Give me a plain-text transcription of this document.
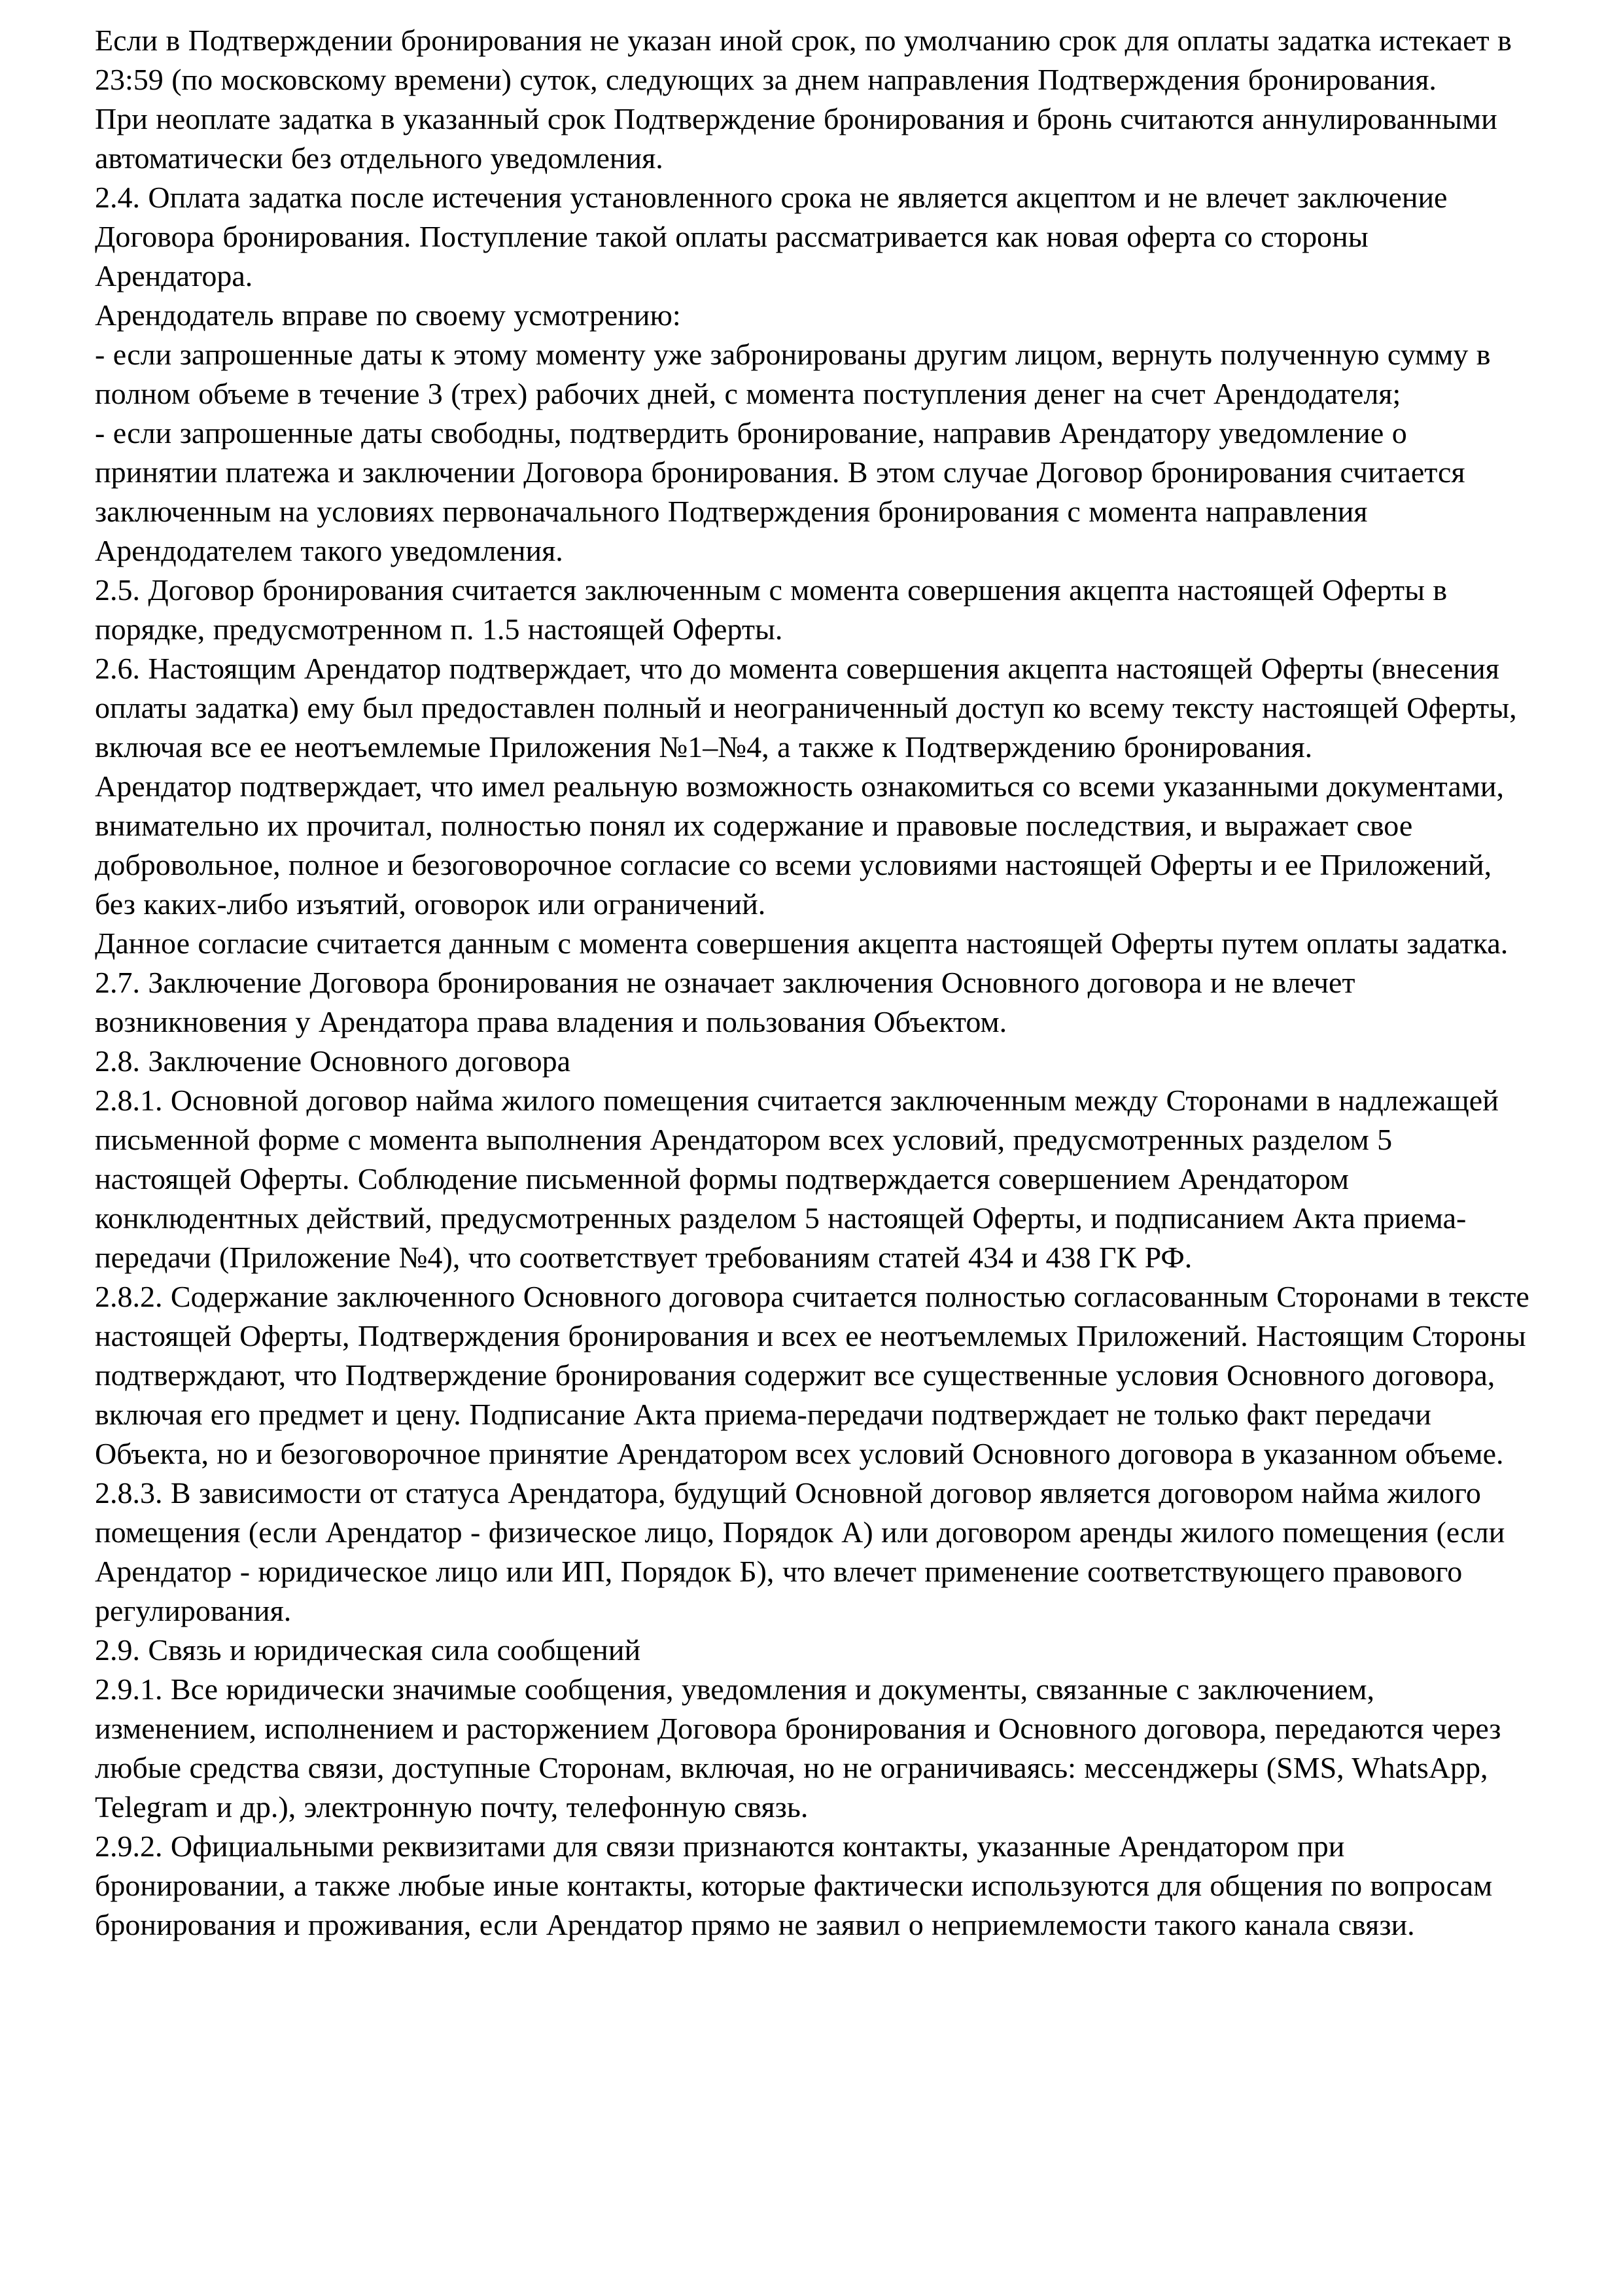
Если в Подтверждении бронирования не указан иной срок, по умолчанию срок для оплаты задатка истекает в 23:59 (по московскому времени) суток, следующих за днем направления Подтверждения бронирования.

При неоплате задатка в указанный срок Подтверждение бронирования и бронь считаются аннулированными автоматически без отдельного уведомления.

2.4. Оплата задатка после истечения установленного срока не является акцептом и не влечет заключение Договора бронирования. Поступление такой оплаты рассматривается как новая оферта со стороны Арендатора.

Арендодатель вправе по своему усмотрению:

- если запрошенные даты к этому моменту уже забронированы другим лицом, вернуть полученную сумму в полном объеме в течение 3 (трех) рабочих дней, с момента поступления денег на счет Арендодателя;

- если запрошенные даты свободны, подтвердить бронирование, направив Арендатору уведомление о принятии платежа и заключении Договора бронирования. В этом случае Договор бронирования считается заключенным на условиях первоначального Подтверждения бронирования с момента направления Арендодателем такого уведомления.

2.5. Договор бронирования считается заключенным с момента совершения акцепта настоящей Оферты в порядке, предусмотренном п. 1.5 настоящей Оферты.

2.6. Настоящим Арендатор подтверждает, что до момента совершения акцепта настоящей Оферты (внесения оплаты задатка) ему был предоставлен полный и неограниченный доступ ко всему тексту настоящей Оферты, включая все ее неотъемлемые Приложения №1–№4, а также к Подтверждению бронирования.

Арендатор подтверждает, что имел реальную возможность ознакомиться со всеми указанными документами, внимательно их прочитал, полностью понял их содержание и правовые последствия, и выражает свое добровольное, полное и безоговорочное согласие со всеми условиями настоящей Оферты и ее Приложений, без каких-либо изъятий, оговорок или ограничений.

Данное согласие считается данным с момента совершения акцепта настоящей Оферты путем оплаты задатка.

2.7. Заключение Договора бронирования не означает заключения Основного договора и не влечет возникновения у Арендатора права владения и пользования Объектом.

2.8. Заключение Основного договора

2.8.1. Основной договор найма жилого помещения считается заключенным между Сторонами в надлежащей письменной форме с момента выполнения Арендатором всех условий, предусмотренных разделом 5 настоящей Оферты. Соблюдение письменной формы подтверждается совершением Арендатором конклюдентных действий, предусмотренных разделом 5 настоящей Оферты, и подписанием Акта приема-передачи (Приложение №4), что соответствует требованиям статей 434 и 438 ГК РФ.

2.8.2. Содержание заключенного Основного договора считается полностью согласованным Сторонами в тексте настоящей Оферты, Подтверждения бронирования и всех ее неотъемлемых Приложений. Настоящим Стороны подтверждают, что Подтверждение бронирования содержит все существенные условия Основного договора, включая его предмет и цену. Подписание Акта приема-передачи подтверждает не только факт передачи Объекта, но и безоговорочное принятие Арендатором всех условий Основного договора в указанном объеме.

2.8.3. В зависимости от статуса Арендатора, будущий Основной договор является договором найма жилого помещения (если Арендатор - физическое лицо, Порядок А) или договором аренды жилого помещения (если Арендатор - юридическое лицо или ИП, Порядок Б), что влечет применение соответствующего правового регулирования.

2.9. Связь и юридическая сила сообщений

2.9.1. Все юридически значимые сообщения, уведомления и документы, связанные с заключением, изменением, исполнением и расторжением Договора бронирования и Основного договора, передаются через любые средства связи, доступные Сторонам, включая, но не ограничиваясь: мессенджеры (SMS, WhatsApp, Telegram и др.), электронную почту, телефонную связь.

2.9.2. Официальными реквизитами для связи признаются контакты, указанные Арендатором при бронировании, а также любые иные контакты, которые фактически используются для общения по вопросам бронирования и проживания, если Арендатор прямо не заявил о неприемлемости такого канала связи.
